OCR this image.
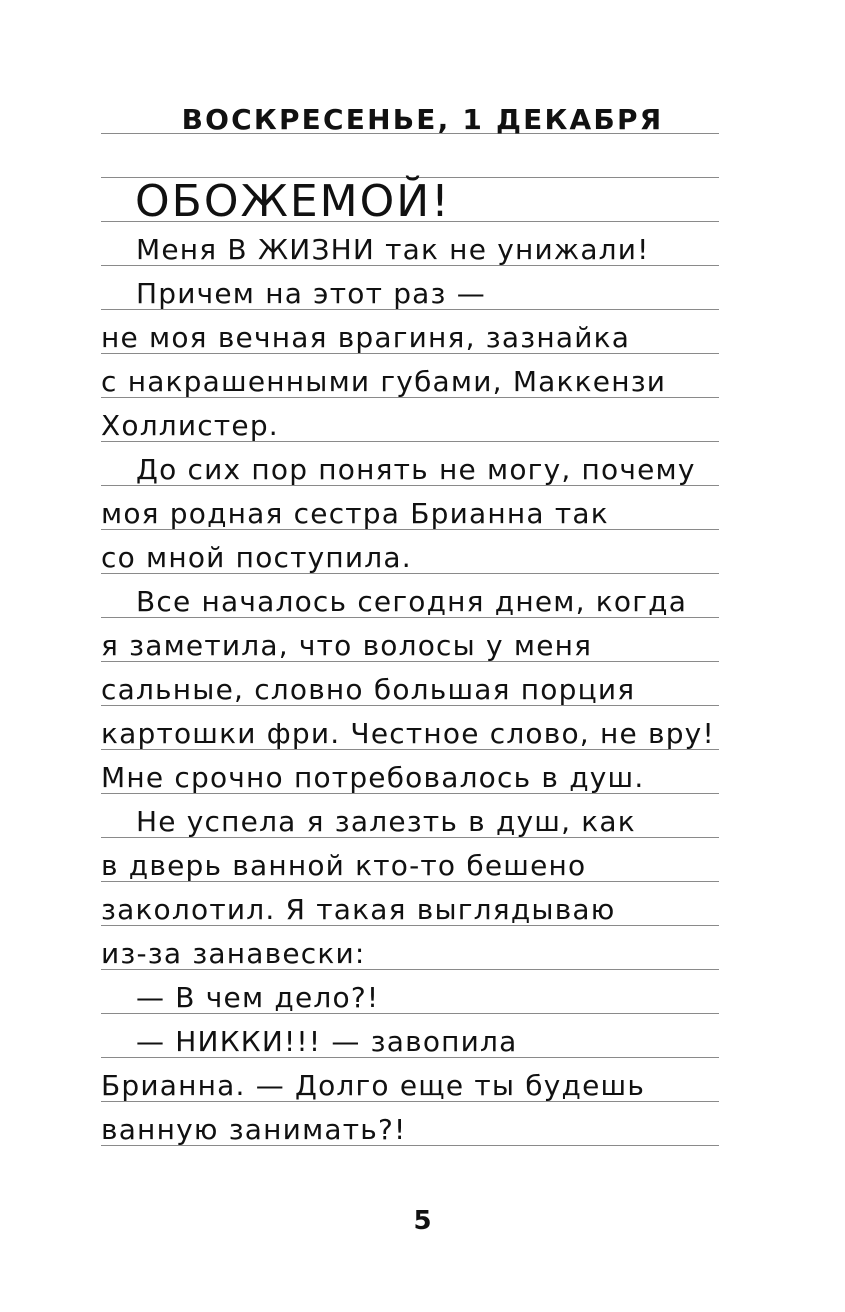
ВОСКРЕСЕНЬЕ, 1 ДЕКАБРЯ
ОБОЖЕМОЙ!
Меня В ЖИЗНИ так не унижали!
Причем на этот раз —
не моя вечная врагиня, зазнайка
с накрашенными губами, Маккензи
Холлистер.
До сих пор понять не могу, почему
моя родная сестра Брианна так
со мной поступила.
Все началось сегодня днем, когда
я заметила, что волосы у меня
сальные, словно большая порция
картошки фри. Честное слово, не вру!
Мне срочно потребовалось в душ.
Не успела я залезть в душ, как
в дверь ванной кто-то бешено
заколотил. Я такая выглядываю
из-за занавески:
— В чем дело?!
— НИККИ!!! — завопила
Брианна. — Долго еще ты будешь
ванную занимать?!
5
